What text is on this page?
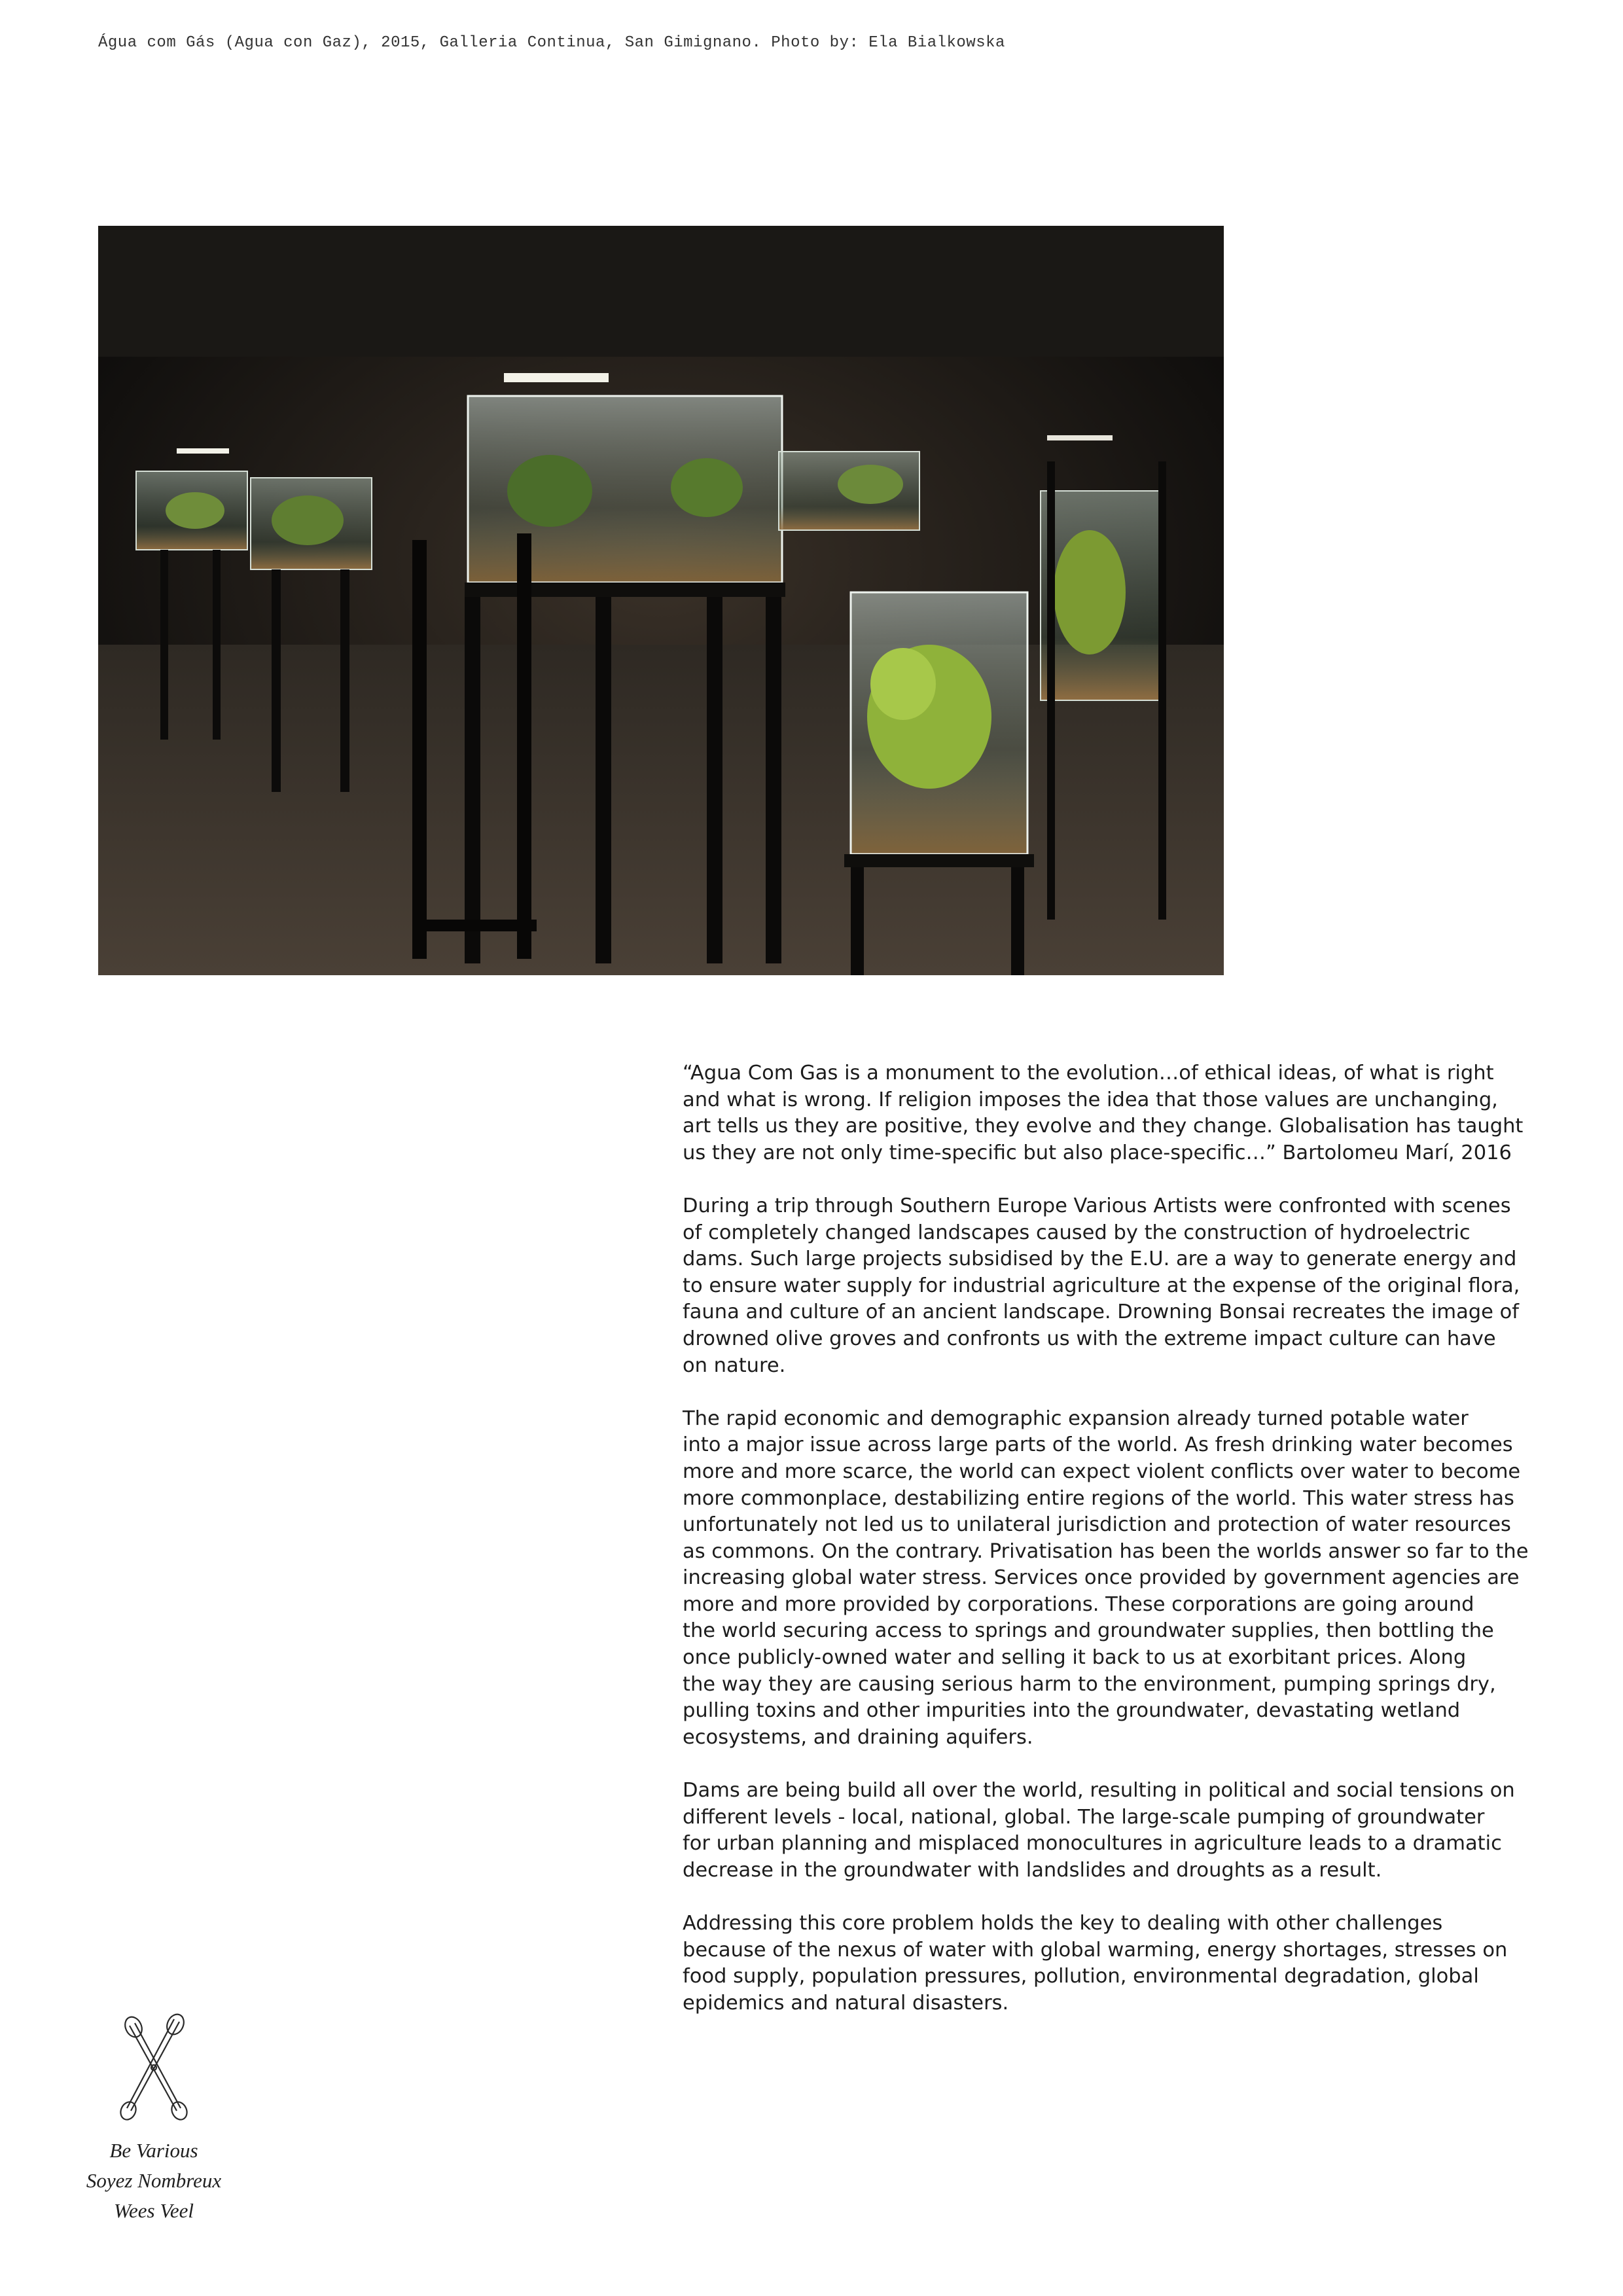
Água com Gás (Agua con Gaz), 2015, Galleria Continua, San Gimignano. Photo by: Ela Bialkowska

“Agua Com Gas is a monument to the evolution…of ethical ideas, of what is right
and what is wrong. If religion imposes the idea that those values are unchanging,
art tells us they are positive, they evolve and they change. Globalisation has taught
us they are not only time-specific but also place-specific…” Bartolomeu Marí, 2016

During a trip through Southern Europe Various Artists were confronted with scenes
of completely changed landscapes caused by the construction of hydroelectric
dams. Such large projects subsidised by the E.U. are a way to generate energy and
to ensure water supply for industrial agriculture at the expense of the original flora,
fauna and culture of an ancient landscape. Drowning Bonsai recreates the image of
drowned olive groves and confronts us with the extreme impact culture can have
on nature.

The rapid economic and demographic expansion already turned potable water
into a major issue across large parts of the world. As fresh drinking water becomes
more and more scarce, the world can expect violent conflicts over water to become
more commonplace, destabilizing entire regions of the world. This water stress has
unfortunately not led us to unilateral jurisdiction and protection of water resources
as commons. On the contrary. Privatisation has been the worlds answer so far to the
increasing global water stress. Services once provided by government agencies are
more and more provided by corporations. These corporations are going around
the world securing access to springs and groundwater supplies, then bottling the
once publicly-owned water and selling it back to us at exorbitant prices. Along
the way they are causing serious harm to the environment, pumping springs dry,
pulling toxins and other impurities into the groundwater, devastating wetland
ecosystems, and draining aquifers.

Dams are being build all over the world, resulting in political and social tensions on
different levels - local, national, global. The large-scale pumping of groundwater
for urban planning and misplaced monocultures in agriculture leads to a dramatic
decrease in the groundwater with landslides and droughts as a result.

Addressing this core problem holds the key to dealing with other challenges
because of the nexus of water with global warming, energy shortages, stresses on
food supply, population pressures, pollution, environmental degradation, global
epidemics and natural disasters.

Be Various
Soyez Nombreux
Wees Veel
